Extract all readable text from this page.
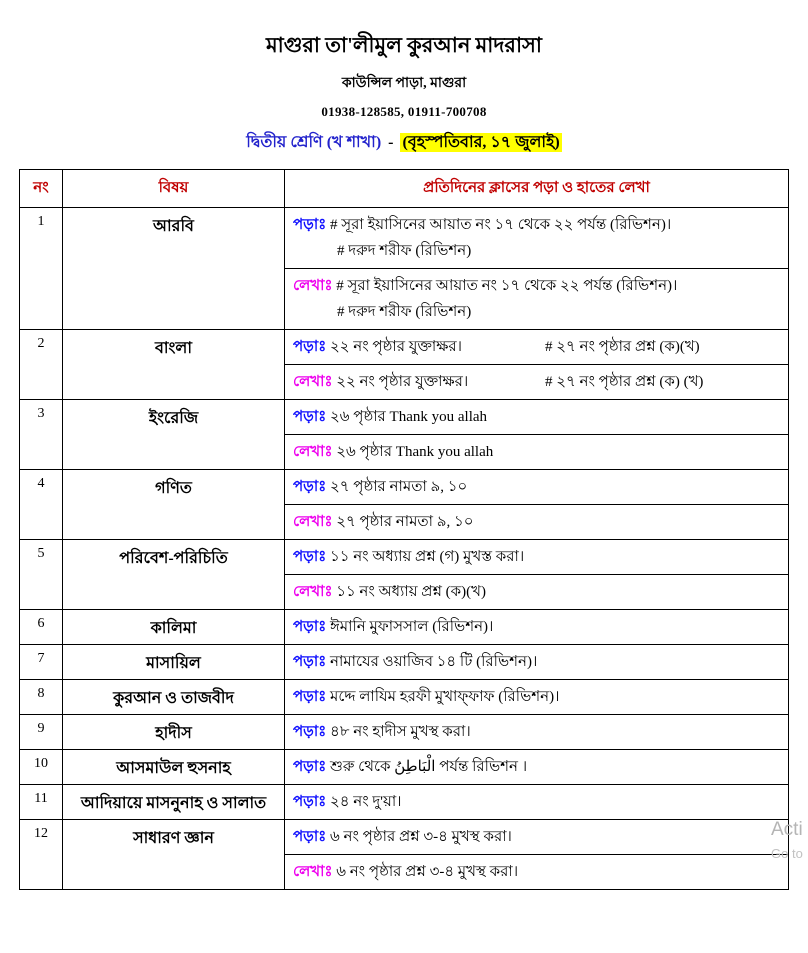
মাগুরা তা'লীমুল কুরআন মাদরাসা
কাউন্সিল পাড়া, মাগুরা
01938-128585, 01911-700708
দ্বিতীয় শ্রেণি (খ শাখা) - (বৃহস্পতিবার, ১৭ জুলাই)
নং	বিষয়	প্রতিদিনের ক্লাসের পড়া ও হাতের লেখা
1	আরবি	পড়াঃ # সূরা ইয়াসিনের আয়াত নং ১৭ থেকে ২২ পর্যন্ত (রিভিশন)।
# দরুদ শরীফ (রিভিশন)

		লেখাঃ # সূরা ইয়াসিনের আয়াত নং ১৭ থেকে ২২ পর্যন্ত (রিভিশন)।
# দরুদ শরীফ (রিভিশন)

2	বাংলা	পড়াঃ ২২ নং পৃষ্ঠার যুক্তাক্ষর। # ২৭ নং পৃষ্ঠার প্রশ্ন (ক)(খ)

		লেখাঃ ২২ নং পৃষ্ঠার যুক্তাক্ষর। # ২৭ নং পৃষ্ঠার প্রশ্ন (ক) (খ)

3	ইংরেজি	পড়াঃ ২৬ পৃষ্ঠার Thank you allah

		লেখাঃ ২৬ পৃষ্ঠার Thank you allah

4	গণিত	পড়াঃ ২৭ পৃষ্ঠার নামতা ৯, ১০

		লেখাঃ ২৭ পৃষ্ঠার নামতা ৯, ১০

5	পরিবেশ-পরিচিতি	পড়াঃ ১১ নং অধ্যায় প্রশ্ন (গ) মুখস্ত করা।

		লেখাঃ ১১ নং অধ্যায় প্রশ্ন (ক)(খ)

6	কালিমা	পড়াঃ ঈমানি মুফাসসাল (রিভিশন)।

7	মাসায়িল	পড়াঃ নামাযের ওয়াজিব ১৪ টি (রিভিশন)।

8	কুরআন ও তাজবীদ	পড়াঃ মদ্দে লাযিম হরফী মুখাফ্ফাফ (রিভিশন)।

9	হাদীস	পড়াঃ ৪৮ নং হাদীস মুখস্থ করা।

10	আসমাউল হুসনাহ	পড়াঃ শুরু থেকে الْبَاطِنُ পর্যন্ত রিভিশন ।

11	আদিয়ায়ে মাসনুনাহ ও সালাত	পড়াঃ ২৪ নং দু'য়া।

12	সাধারণ জ্ঞান	পড়াঃ ৬ নং পৃষ্ঠার প্রশ্ন ৩-৪ মুখস্থ করা।

		লেখাঃ ৬ নং পৃষ্ঠার প্রশ্ন ৩-৪ মুখস্থ করা।
Acti
Go to
